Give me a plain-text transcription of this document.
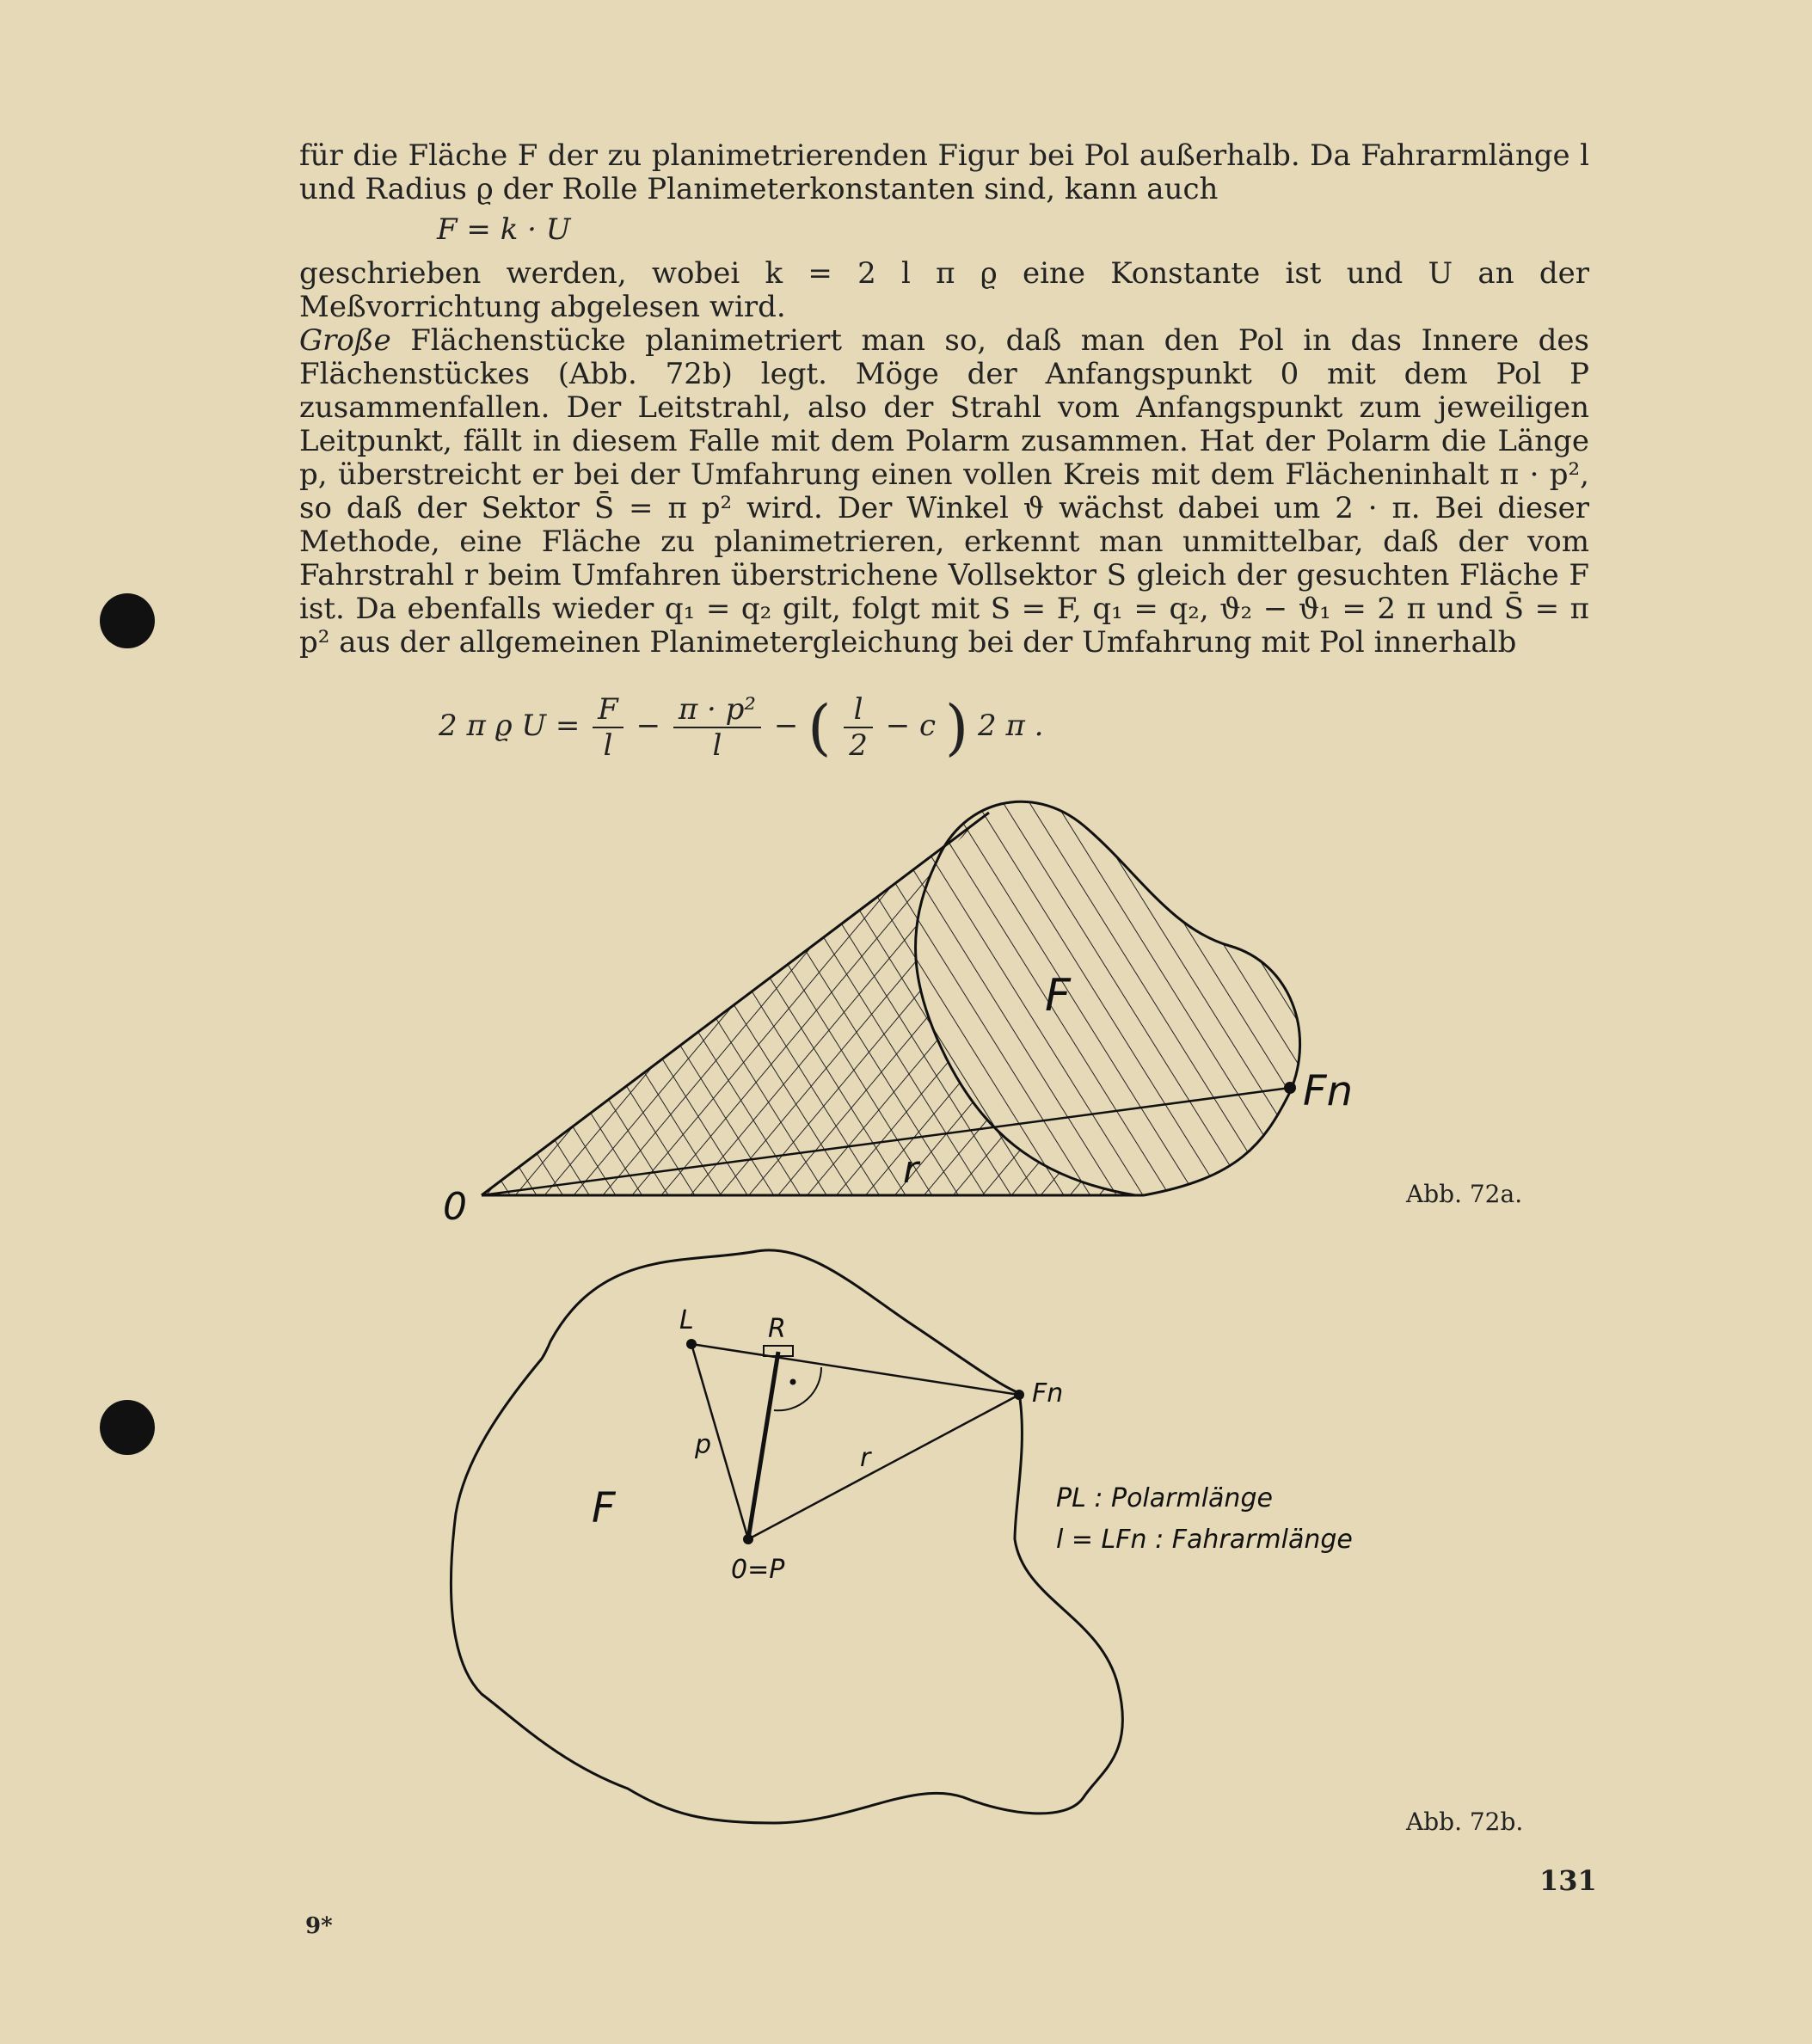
für die Fläche F der zu planimetrierenden Figur bei Pol außerhalb. Da Fahrarmlänge l und Radius ϱ der Rolle Planimeterkonstanten sind, kann auch

F = k · U

geschrieben werden, wobei k = 2 l π ϱ eine Konstante ist und U an der Meßvorrichtung abgelesen wird.

Große Flächenstücke planimetriert man so, daß man den Pol in das Innere des Flächenstückes (Abb. 72b) legt. Möge der Anfangspunkt 0 mit dem Pol P zusammenfallen. Der Leitstrahl, also der Strahl vom Anfangspunkt zum jeweiligen Leitpunkt, fällt in diesem Falle mit dem Polarm zusammen. Hat der Polarm die Länge p, überstreicht er bei der Umfahrung einen vollen Kreis mit dem Flächeninhalt π · p², so daß der Sektor S̄ = π p² wird. Der Winkel ϑ wächst dabei um 2 · π. Bei dieser Methode, eine Fläche zu planimetrieren, erkennt man unmittelbar, daß der vom Fahrstrahl r beim Umfahren überstrichene Vollsektor S gleich der gesuchten Fläche F ist. Da ebenfalls wieder q₁ = q₂ gilt, folgt mit S = F, q₁ = q₂, ϑ₂ − ϑ₁ = 2 π und S̄ = π p² aus der allgemeinen Planimetergleichung bei der Umfahrung mit Pol innerhalb

2 π ϱ $U = \frac{F}{l} - \frac{\text{π · p²}}{l}$ − ( $\frac{l}{2} - c$ ) 2 π .
F
Fn
r
0	Abb. 72a.
L	R
Fn
p	r
F
0=P
PL : Polarmlänge
l = LFn : Fahrarmlänge
Abb. 72b.
131
9*
